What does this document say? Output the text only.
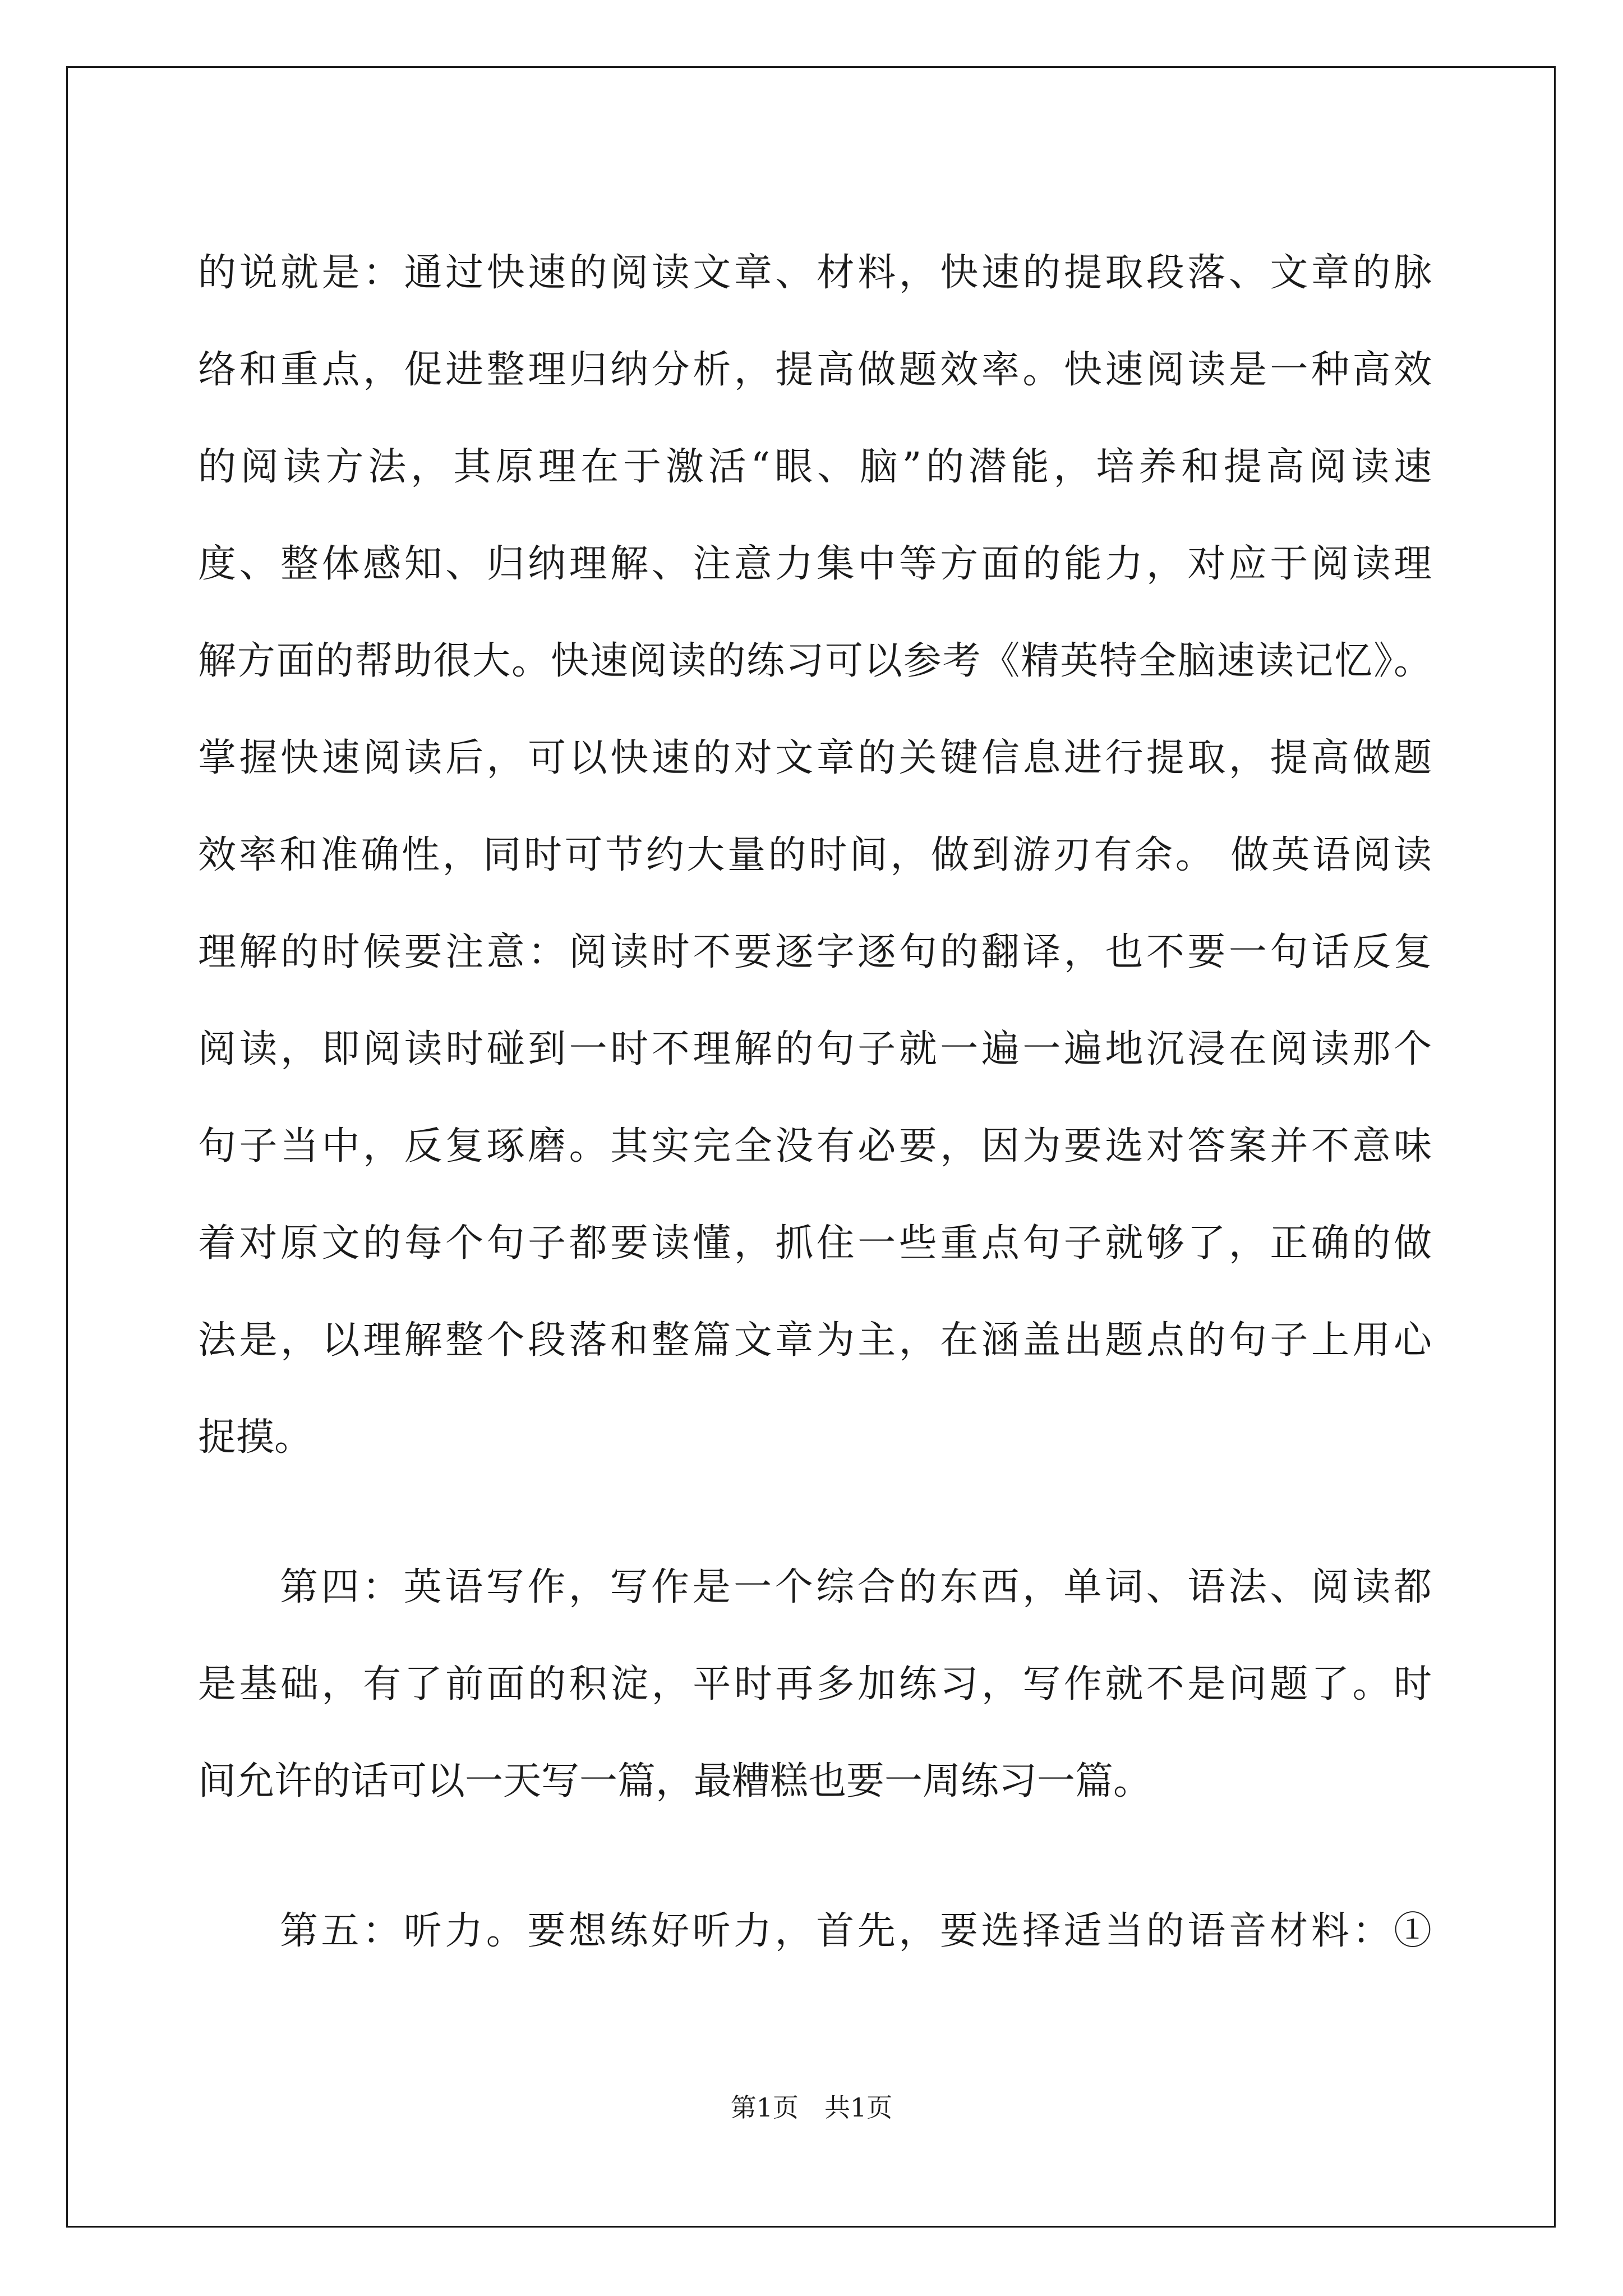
的说就是：通过快速的阅读文章、材料，快速的提取段落、文章的脉
络和重点，促进整理归纳分析，提高做题效率。快速阅读是一种高效
的阅读方法，其原理在于激活“眼、脑”的潜能，培养和提高阅读速
度、整体感知、归纳理解、注意力集中等方面的能力，对应于阅读理
解方面的帮助很大。快速阅读的练习可以参考《精英特全脑速读记忆》。
掌握快速阅读后，可以快速的对文章的关键信息进行提取，提高做题
效率和准确性，同时可节约大量的时间，做到游刃有余。 做英语阅读
理解的时候要注意：阅读时不要逐字逐句的翻译，也不要一句话反复
阅读，即阅读时碰到一时不理解的句子就一遍一遍地沉浸在阅读那个
句子当中，反复琢磨。其实完全没有必要，因为要选对答案并不意味
着对原文的每个句子都要读懂，抓住一些重点句子就够了，正确的做
法是，以理解整个段落和整篇文章为主，在涵盖出题点的句子上用心
捉摸。
第四：英语写作，写作是一个综合的东西，单词、语法、阅读都
是基础，有了前面的积淀，平时再多加练习，写作就不是问题了。时
间允许的话可以一天写一篇，最糟糕也要一周练习一篇。
第五：听力。要想练好听力，首先，要选择适当的语音材料：①
第1页　共1页
